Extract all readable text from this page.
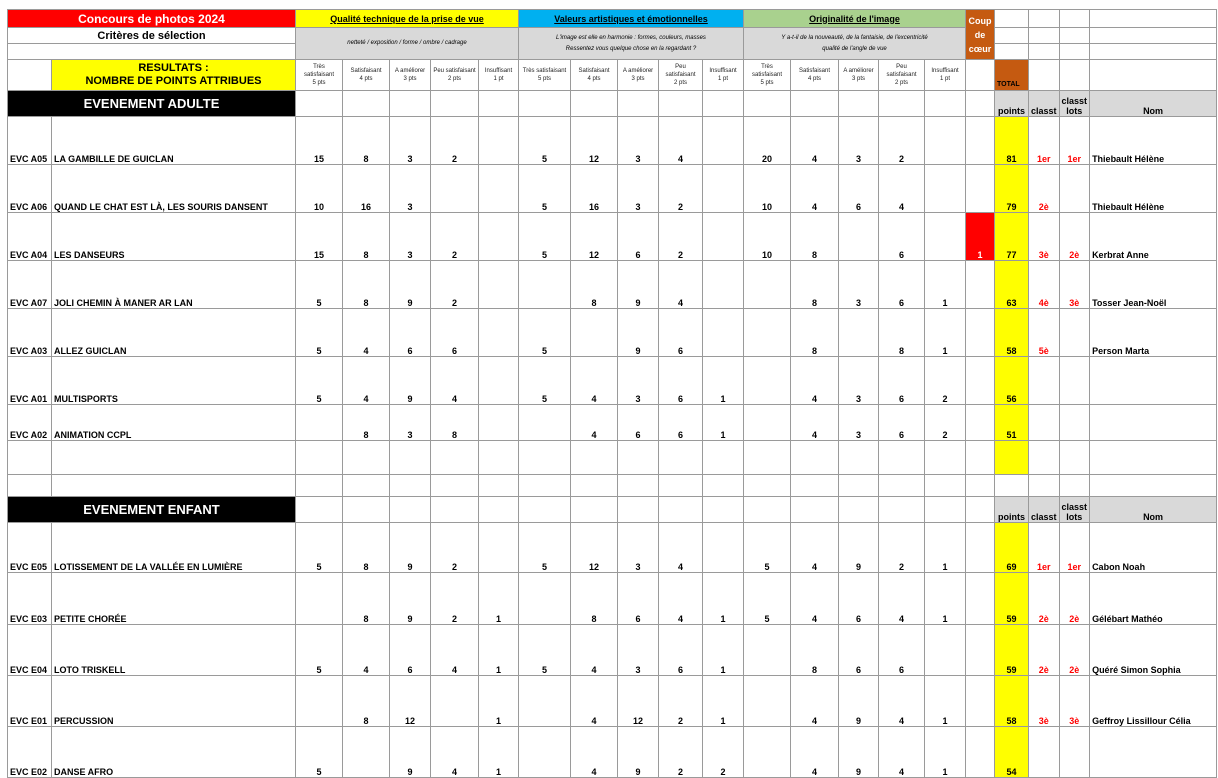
Concours de photos 2024		Qualité technique de la prise de vue					Valeurs artistiques et émotionnelles					Originalité de l'image					Coup
de
cœur				
Critères de sélection		netteté / exposition / forme / ombre / cadrage					L'image est elle en harmonie : formes, couleurs, masses
Ressentez vous quelque chose en la regardant ?					Y a-t-il de la nouveauté, de la fantaisie, de l'excentricité
qualité de l'angle de vue									

	RESULTATS :
NOMBRE DE POINTS ATTRIBUES	Très satisfaisant
5 pts	Satisfaisant
4 pts	A améliorer
3 pts	Peu satisfaisant
2 pts	Insuffisant
1 pt	Très satisfaisant
5 pts	Satisfaisant
4 pts	A améliorer
3 pts	Peu satisfaisant
2 pts	Insuffisant
1 pt	Très satisfaisant
5 pts	Satisfaisant
4 pts	A améliorer
3 pts	Peu satisfaisant
2 pts	Insuffisant
1 pt		TOTAL			
EVENEMENT ADULTE																		points	classt	classt lots	Nom
EVC A05	LA GAMBILLE DE GUICLAN	15	8	3	2		5	12	3	4		20	4	3	2			81	1er	1er	Thiebault Hélène
EVC A06	QUAND LE CHAT EST LÀ, LES SOURIS DANSENT	10	16	3			5	16	3	2		10	4	6	4			79	2è		Thiebault Hélène
EVC A04	LES DANSEURS	15	8	3	2		5	12	6	2		10	8		6		1	77	3è	2è	Kerbrat Anne
EVC A07	JOLI CHEMIN À MANER AR LAN	5	8	9	2			8	9	4			8	3	6	1		63	4è	3è	Tosser Jean-Noël
EVC A03	ALLEZ GUICLAN	5	4	6	6		5		9	6			8		8	1		58	5è		Person Marta
EVC A01	MULTISPORTS	5	4	9	4		5	4	3	6	1		4	3	6	2		56			
EVC A02	ANIMATION CCPL		8	3	8			4	6	6	1		4	3	6	2		51			

EVENEMENT ENFANT																		points	classt	classt lots	Nom
EVC E05	LOTISSEMENT DE LA VALLÉE EN LUMIÈRE	5	8	9	2		5	12	3	4		5	4	9	2	1		69	1er	1er	Cabon Noah
EVC E03	PETITE CHORÉE		8	9	2	1		8	6	4	1	5	4	6	4	1		59	2è	2è	Gélébart Mathéo
EVC E04	LOTO TRISKELL	5	4	6	4	1	5	4	3	6	1		8	6	6			59	2è	2è	Quéré Simon Sophia
EVC E01	PERCUSSION		8	12		1		4	12	2	1		4	9	4	1		58	3è	3è	Geffroy Lissillour Célia
EVC E02	DANSE AFRO	5		9	4	1		4	9	2	2		4	9	4	1		54			
